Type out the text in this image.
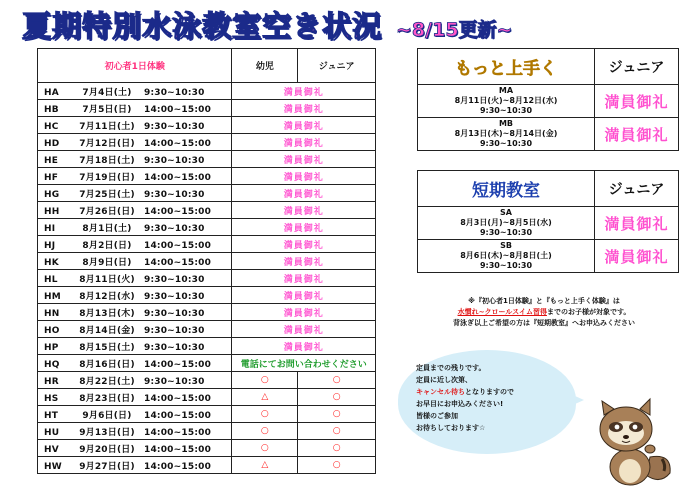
夏期特別水泳教室空き状況 ~8/15更新~
初心者1日体験	幼児	ジュニア
HA 7月4日(土) 9:30~10:30	満員御礼	
HB 7月5日(日) 14:00~15:00	満員御礼	
HC 7月11日(土) 9:30~10:30	満員御礼	
HD 7月12日(日) 14:00~15:00	満員御礼	
HE 7月18日(土) 9:30~10:30	満員御礼	
HF 7月19日(日) 14:00~15:00	満員御礼	
HG 7月25日(土) 9:30~10:30	満員御礼	
HH 7月26日(日) 14:00~15:00	満員御礼	
HI 8月1日(土) 9:30~10:30	満員御礼	
HJ 8月2日(日) 14:00~15:00	満員御礼	
HK 8月9日(日) 14:00~15:00	満員御礼	
HL 8月11日(火) 9:30~10:30	満員御礼	
HM 8月12日(水) 9:30~10:30	満員御礼	
HN 8月13日(木) 9:30~10:30	満員御礼	
HO 8月14日(金) 9:30~10:30	満員御礼	
HP 8月15日(土) 9:30~10:30	満員御礼	
HQ 8月16日(日) 14:00~15:00	電話にてお問い合わせください	
HR 8月22日(土) 9:30~10:30	○	○
HS 8月23日(日) 14:00~15:00	△	○
HT 9月6日(日) 14:00~15:00	○	○
HU 9月13日(日) 14:00~15:00	○	○
HV 9月20日(日) 14:00~15:00	○	○
HW 9月27日(日) 14:00~15:00	△	○
もっと上手く	ジュニア

MA
8月11日(火)~8月12日(水)
9:30~10:30	満員御礼

MB
8月13日(木)~8月14日(金)
9:30~10:30	満員御礼
短期教室	ジュニア

SA
8月3日(月)~8月5日(水)
9:30~10:30	満員御礼

SB
8月6日(木)~8月8日(土)
9:30~10:30	満員御礼
※『初心者1日体験』と『もっと上手く体験』は
水慣れ~クロールスイム習得までのお子様が対象です。
背泳ぎ以上ご希望の方は『短期教室』へお申込みください
定員までの残りです。
定員に近し次第、
キャンセル待ちとなりますので
お早目にお申込みください!
皆様のご参加
お待ちしております☆
